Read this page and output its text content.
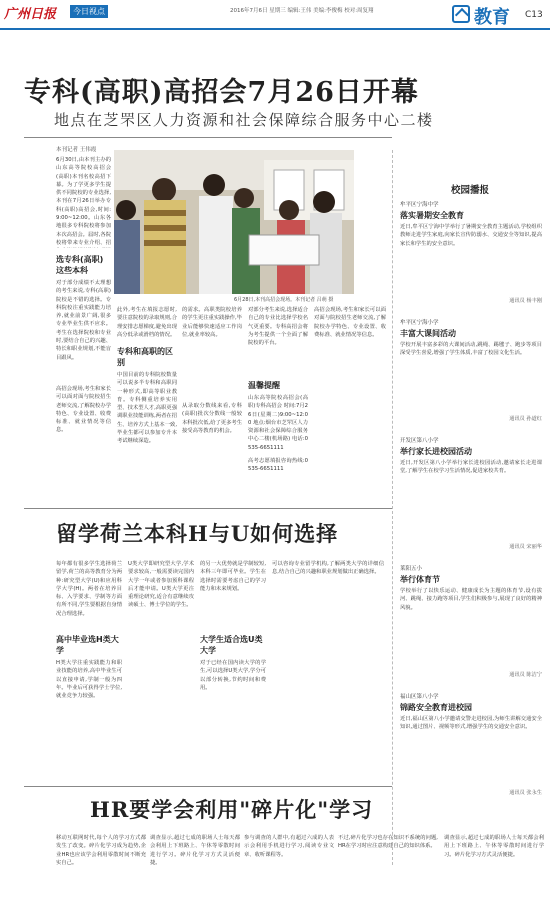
广州日报	今日视点	2016年7月6日 星期三 编辑:王伟 美编:李俊梅 校对:周复翔	教育 C13
专科(高职)高招会7月26日开幕
地点在芝罘区人力资源和社会保障综合服务中心二楼
本刊记者 王伟霞

6月30日,由本刊主办的山东高等院校高招会(高职)本刊名校高招下幕。为了学更多学生提供不同院校的专业选择,本刊在7月26日举办专科(高职)高招会,时间:9:00~12:00。山东各地很多专科院校将参加本次高招会。届时,各院校将带来专业介绍、招

选专科(高职)这些本科

对于部分成绩不太理想的考生来说,专科(高职)院校是不错的选择。专科院校注重实践能力培养,就业前景广阔,很多专业毕业生供不应求。考生在选择院校和专业时,要结合自己的兴趣、特长和职业规划,不能盲目跟风。

高招会现场,考生和家长可以面对面与院校招生老师交流,了解院校办学特色、专业设置、收费标准、就业情况等信息。

6月28日,本刊高招会现场。本刊记者 吕萌 摄

此外,考生在填报志愿时,要注意院校的录取规则,合理安排志愿梯度,避免出现高分低录或滑档的情况。

专科和高职的区别

中国目前的专科院校数量可以说多半专科和高职同一种形式,即高等职业教育。专科侧重培养实用型、技术型人才,高职更强调职业技能训练,两者在招生、培养方式上基本一致,毕业生都可以参加专升本考试继续深造。

的需求。高职类院校培养的学生更注重实践操作,毕业后能够快速适应工作岗位,就业率较高。

从录取分数线来看,专科(高职)批次分数线一般较本科批次低,给了更多考生接受高等教育的机会。

对部分考生来说,选择适合自己的专业比选择学校名气更重要。专科高招会将为考生提供一个全面了解院校的平台。

温馨提醒

山东高等院校高招会(高职)专科高招会 时间:7月26日(星期二)9:00~12:00 地点:烟台市芝罘区人力资源和社会保障综合服务中心二楼(机场路) 电话:0535-6651111

高考志愿填报咨询热线:0535-6651111

高招会现场,考生和家长可以面对面与院校招生老师交流,了解院校办学特色、专业设置、收费标准、就业情况等信息。

留学荷兰本科H与U如何选择

每年都有很多学生选择荷兰留学,荷兰的高等教育分为两种:研究型大学(U)和应用科学大学(H)。两者在培养目标、入学要求、学制等方面有所不同,学生要根据自身情况合理选择。

高中毕业选H类大学

H类大学注重实践能力和职业技能的培养,高中毕业生可以直接申请,学制一般为四年。毕业后可获得学士学位,就业竞争力较强。

U类大学即研究型大学,学术要求较高,一般需要读完国内大学一年或者参加预科课程后才能申请。U类大学更注重理论研究,适合有意继续攻读硕士、博士学位的学生。

的另一大优势就是学制较短,本科三年即可毕业。学生在选择时需要考虑自己的学习能力和未来规划。

大学生适合选U类大学

对于已经在国内读大学的学生,可以选择U类大学,学分可以部分转换,节约时间和费用。

可以咨询专业留学机构,了解两类大学的详细信息,结合自己的兴趣和职业规划做出正确选择。

HR要学会利用"碎片化"学习

移动互联网时代,每个人的学习方式都发生了改变。碎片化学习成为趋势,企业HR也应该学会利用零散时间不断充实自己。

调查显示,超过七成的职场人士每天都会利用上下班路上、午休等零散时间进行学习。碎片化学习方式灵活便捷。

参与调查的人群中,有超过六成的人表示会利用手机进行学习,阅读专业文章、收听课程等。

不过,碎片化学习也存在知识不系统的问题,HR在学习时应注意构建自己的知识体系。

调查显示,超过七成的职场人士每天都会利用上下班路上、午休等零散时间进行学习。碎片化学习方式灵活便捷。

校园播报

牟平区宁海中学

落实暑期安全教育

近日,牟平区宁海中学举行了暑期安全教育主题活动,学校组织教师走进学生家庭,向家长宣传防溺水、交通安全等知识,提高家长和学生的安全意识。

通讯员 杨丰刚

牟平区宁海小学

丰富大课间活动

学校开展丰富多彩的大课间活动,跳绳、踢毽子、跑步等项目深受学生喜爱,增强了学生体质,丰富了校园文化生活。

通讯员 孙道红

开发区第八小学

举行家长进校园活动

近日,开发区第八小学举行家长进校园活动,邀请家长走进课堂,了解学生在校学习生活情况,促进家校共育。

通讯员 宋丽华

莱阳五小

举行体育节

学校举行了以快乐运动、健康成长为主题的体育节,设有拔河、跳绳、接力跑等项目,学生们积极参与,展现了良好的精神风貌。

通讯员 陈洁宁

福山区第八小学

锦路安全教育进校园

近日,福山区第八小学邀请交警走进校园,为师生讲解交通安全知识,通过图片、视频等形式,增强学生的交通安全意识。

通讯员 张永生
